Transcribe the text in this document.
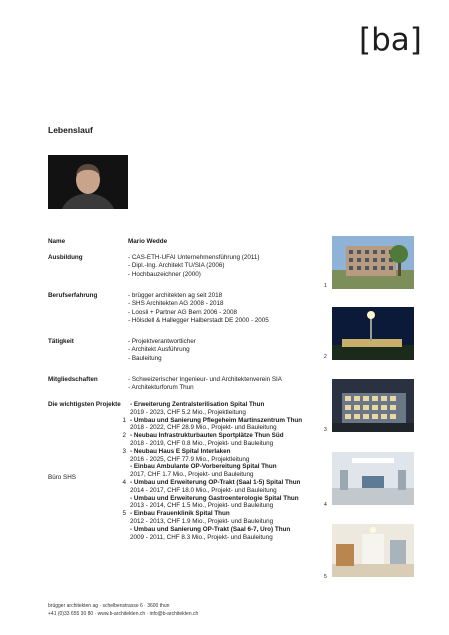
[ba]
Lebenslauf
Name	Mario Wedde
Ausbildung	- CAS-ETH-UFAI Unternehmensführung (2011)
- Dipl.-Ing. Architekt TU/SIA (2006)
- Hochbauzeichner (2000)
Berufserfahrung	- brügger architekten ag seit 2018
- SHS Architekten AG 2008 - 2018
- Loosli + Partner AG Bern 2006 - 2008
- Hölsdell & Hallegger Halberstadt DE 2000 - 2005
Tätigkeit	- Projektverantwortlicher
- Architekt Ausführung
- Bauleitung
Mitgliedschaften	- Schweizerischer Ingenieur- und Architektenverein SIA
- Architekturforum Thun
Die wichtigsten Projekte	- Erweiterung Zentralsterilisation Spital Thun
2019 - 2023, CHF 5.2 Mio., Projektleitung
1 - Umbau und Sanierung Pflegeheim Martinszentrum Thun
2018 - 2022, CHF 28.9 Mio., Projekt- und Bauleitung
2 - Neubau Infrastrukturbauten Sportplätze Thun Süd
2018 - 2019, CHF 0.8 Mio., Projekt- und Bauleitung
3 - Neubau Haus E Spital Interlaken
2016 - 2025, CHF 77.9 Mio., Projektleitung
- Einbau Ambulante OP-Vorbereitung Spital Thun
2017, CHF 1.7 Mio., Projekt- und Bauleitung
4 - Umbau und Erweiterung OP-Trakt (Saal 1-5) Spital Thun
2014 - 2017, CHF 18.0 Mio., Projekt- und Bauleitung
- Umbau und Erweiterung Gastroenterologie Spital Thun
2013 - 2014, CHF 1.5 Mio., Projekt- und Bauleitung
5 - Einbau Frauenklinik Spital Thun
2012 - 2013, CHF 1.9 Mio., Projekt- und Bauleitung
- Umbau und Sanierung OP-Trakt (Saal 6-7, Uro) Thun
2009 - 2011, CHF 8.3 Mio., Projekt- und Bauleitung
Büro SHS
1
2
3
4
5
brügger architekten ag · schelbenstrasse 6 · 3600 thun
+41 (0)33 655 30 80 · www.b-architekten.ch · info@b-architekten.ch
